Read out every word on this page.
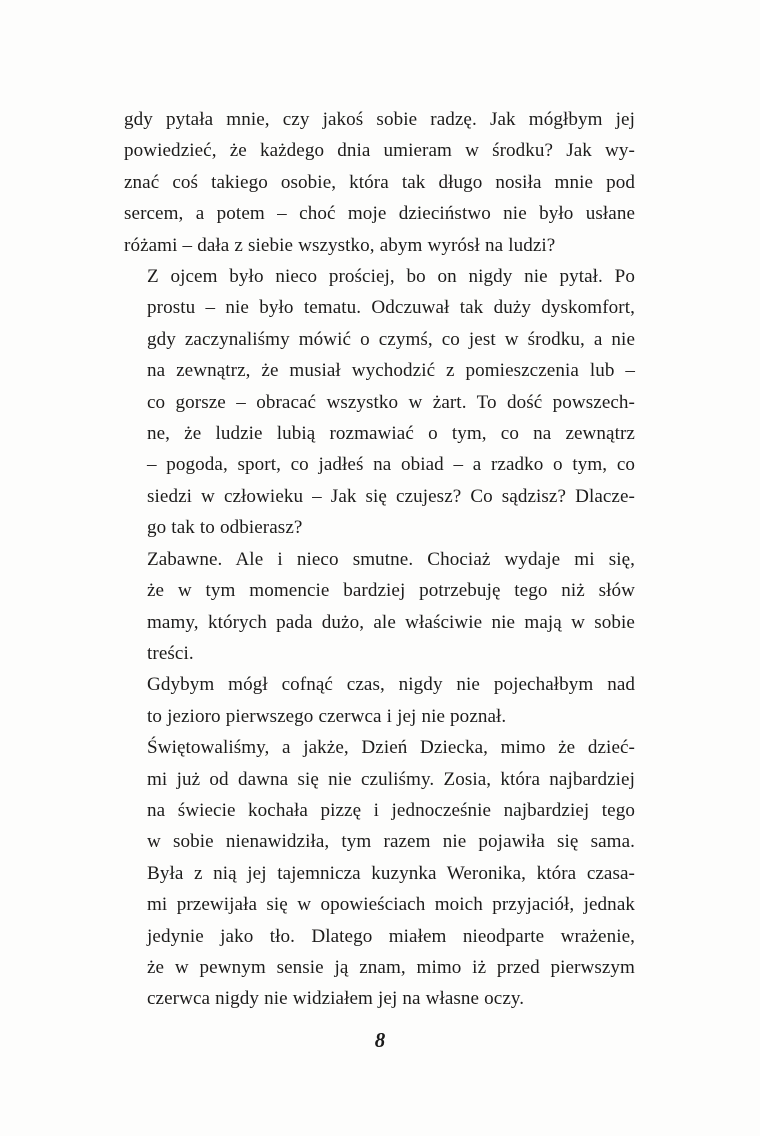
gdy pytała mnie, czy jakoś sobie radzę. Jak mógłbym jej
powiedzieć, że każdego dnia umieram w środku? Jak wy-
znać coś takiego osobie, która tak długo nosiła mnie pod
sercem, a potem – choć moje dzieciństwo nie było usłane
różami – dała z siebie wszystko, abym wyrósł na ludzi?

Z ojcem było nieco prościej, bo on nigdy nie pytał. Po
prostu – nie było tematu. Odczuwał tak duży dyskomfort,
gdy zaczynaliśmy mówić o czymś, co jest w środku, a nie
na zewnątrz, że musiał wychodzić z pomieszczenia lub –
co gorsze – obracać wszystko w żart. To dość powszech-
ne, że ludzie lubią rozmawiać o tym, co na zewnątrz
– pogoda, sport, co jadłeś na obiad – a rzadko o tym, co
siedzi w człowieku – Jak się czujesz? Co sądzisz? Dlacze-
go tak to odbierasz?

Zabawne. Ale i nieco smutne. Chociaż wydaje mi się,
że w tym momencie bardziej potrzebuję tego niż słów
mamy, których pada dużo, ale właściwie nie mają w sobie
treści.

Gdybym mógł cofnąć czas, nigdy nie pojechałbym nad
to jezioro pierwszego czerwca i jej nie poznał.

Świętowaliśmy, a jakże, Dzień Dziecka, mimo że dzieć-
mi już od dawna się nie czuliśmy. Zosia, która najbardziej
na świecie kochała pizzę i jednocześnie najbardziej tego
w sobie nienawidziła, tym razem nie pojawiła się sama.
Była z nią jej tajemnicza kuzynka Weronika, która czasa-
mi przewijała się w opowieściach moich przyjaciół, jednak
jedynie jako tło. Dlatego miałem nieodparte wrażenie,
że w pewnym sensie ją znam, mimo iż przed pierwszym
czerwca nigdy nie widziałem jej na własne oczy.

8
